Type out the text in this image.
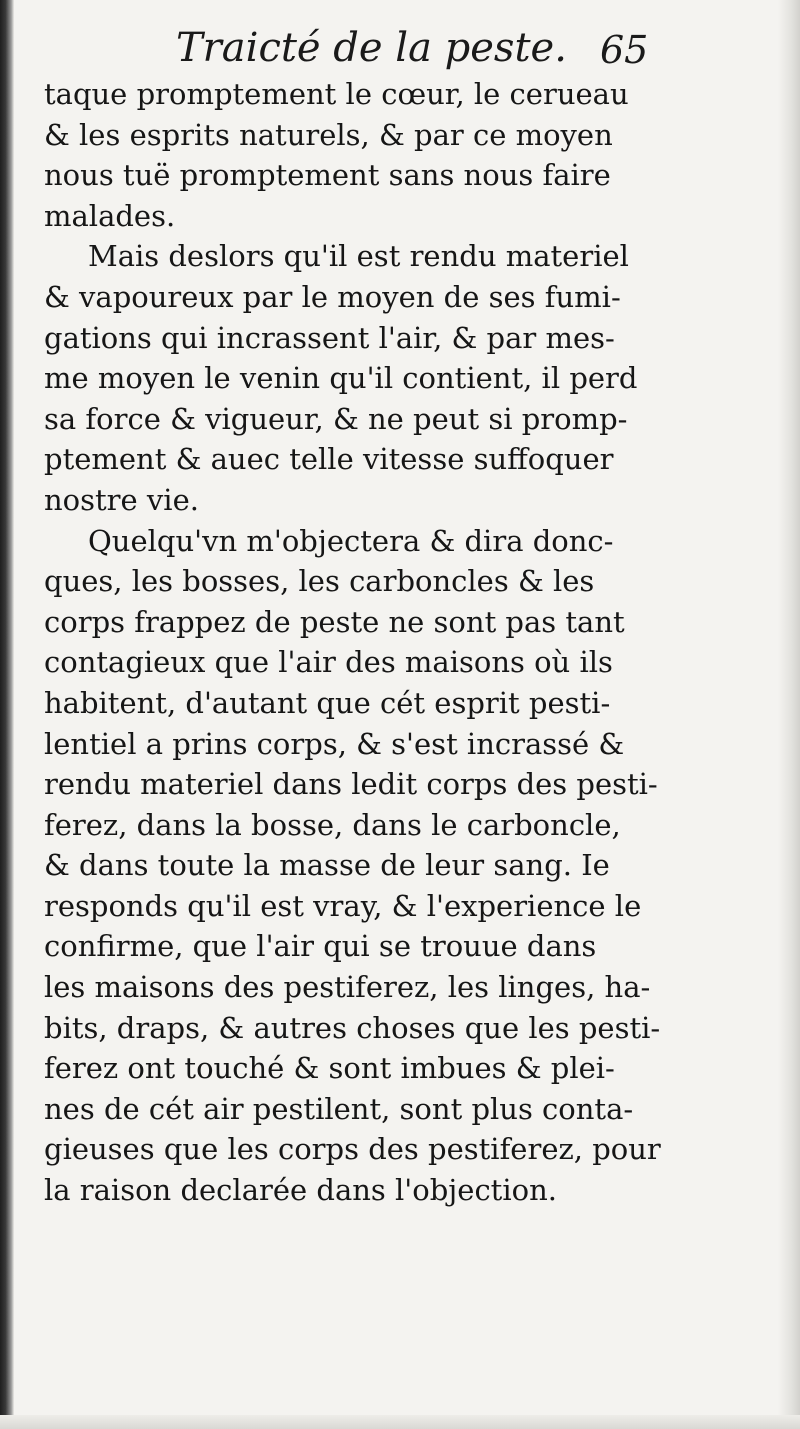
Traicté de la peste. 65
taque promptement le cœur, le cerueau
& les esprits naturels, & par ce moyen
nous tuë promptement sans nous faire
malades.
Mais deslors qu'il est rendu materiel
& vapoureux par le moyen de ses fumi-
gations qui incrassent l'air, & par mes-
me moyen le venin qu'il contient, il perd
sa force & vigueur, & ne peut si promp-
ptement & auec telle vitesse suffoquer
nostre vie.
Quelqu'vn m'objectera & dira donc-
ques, les bosses, les carboncles & les
corps frappez de peste ne sont pas tant
contagieux que l'air des maisons où ils
habitent, d'autant que cét esprit pesti-
lentiel a prins corps, & s'est incrassé &
rendu materiel dans ledit corps des pesti-
ferez, dans la bosse, dans le carboncle,
& dans toute la masse de leur sang. Ie
responds qu'il est vray, & l'experience le
confirme, que l'air qui se trouue dans
les maisons des pestiferez, les linges, ha-
bits, draps, & autres choses que les pesti-
ferez ont touché & sont imbues & plei-
nes de cét air pestilent, sont plus conta-
gieuses que les corps des pestiferez, pour
la raison declarée dans l'objection.
